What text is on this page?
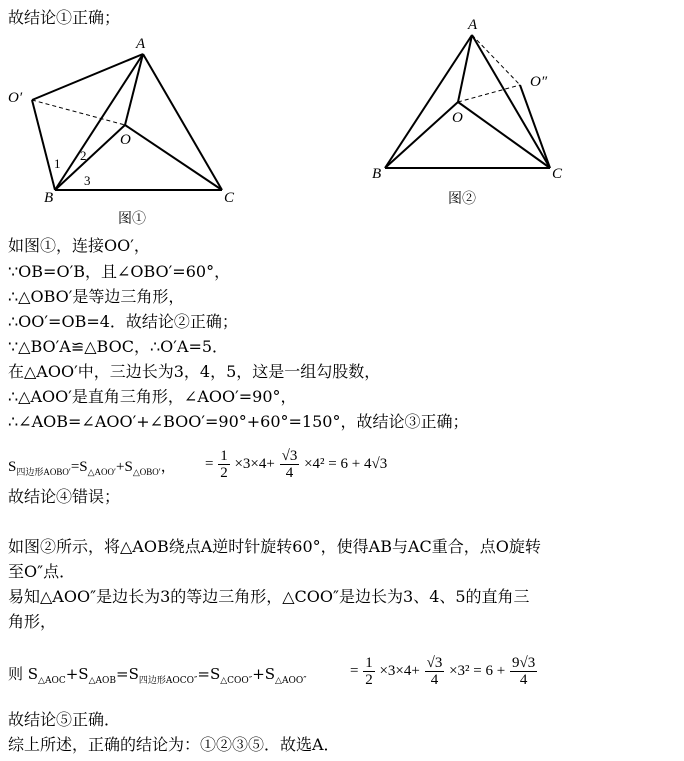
故结论①正确；
A
O
O′
B	C
1
2
3
图①
A
O
O″
B	C
图②
如图①，连接OO′，
∵OB=O′B，且∠OBO′=60°，
∴△OBO′是等边三角形，
∴OO′=OB=4．故结论②正确；
∵△BO′A≌△BOC，∴O′A=5．
在△AOO′中，三边长为3，4，5，这是一组勾股数，
∴△AOO′是直角三角形，∠AOO′=90°，
∴∠AOB=∠AOO′+∠BOO′=90°+60°=150°，故结论③正确；
$S_{四边形AOBO'}=S_{\triangle AOO'}+S_{\triangle OBO'}$， = $\frac{1}{2} \times 3\times 4+ \frac{√3}{4} \times 4^2 = 6 + 4√3$
故结论④错误；
如图②所示，将△AOB绕点A逆时针旋转60°，使得AB与AC重合，点O旋转
至O″点．
易知△AOO″是边长为3的等边三角形，△COO″是边长为3、4、5的直角三
角形，
则 $S_{\triangle AOC}+S_{\triangle AOB}=S_{四边形AOCO''}=S_{\triangle COO''}+S_{\triangle AOO''}$
= $\frac{1}{2} \times 3\times 4+ \frac{√3}{4} \times 3^2 = 6 + \frac{9√3}{4}$
故结论⑤正确．
综上所述，正确的结论为：①②③⑤．故选A．
